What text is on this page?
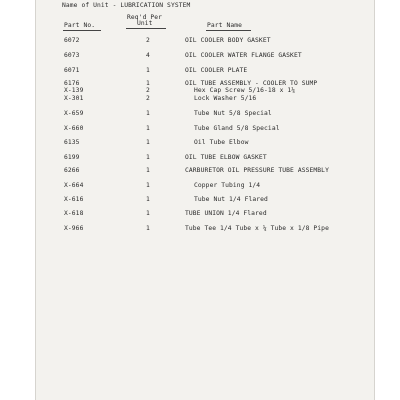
Name of Unit - LUBRICATION SYSTEM
Req'd Per
Unit
Part No.	Part Name
6072	2	OIL COOLER BODY GASKET
6073	4	OIL COOLER WATER FLANGE GASKET
6071	1	OIL COOLER PLATE
6176	1	OIL TUBE ASSEMBLY - COOLER TO SUMP
X-139	2	Hex Cap Screw 5/16-18 x 1¼
X-301	2	Lock Washer 5/16
X-659	1	Tube Nut 5/8 Special
X-660	1	Tube Gland 5/8 Special
6135	1	Oil Tube Elbow
6199	1	OIL TUBE ELBOW GASKET
6266	1	CARBURETOR OIL PRESSURE TUBE ASSEMBLY
X-664	1	Copper Tubing 1/4
X-616	1	Tube Nut 1/4 Flared
X-618	1	TUBE UNION 1/4 Flared
X-966	1	Tube Tee 1/4 Tube x ¼ Tube x 1/8 Pipe
